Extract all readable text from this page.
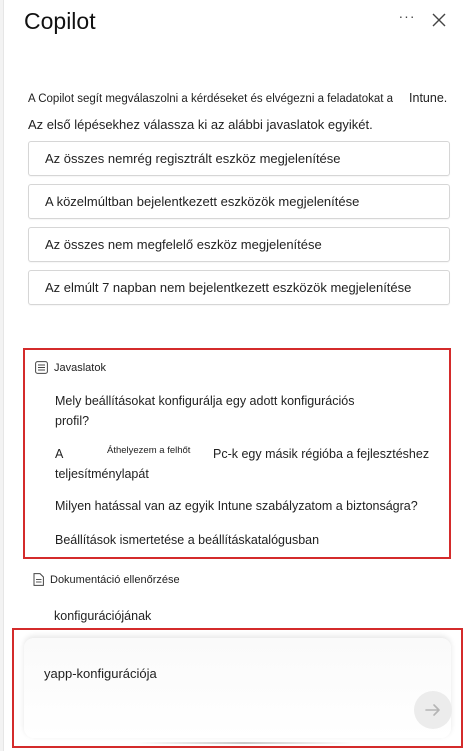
Copilot	···
A Copilot segít megválaszolni a kérdéseket és elvégezni a feladatokat a Intune.
Az első lépésekhez válassza ki az alábbi javaslatok egyikét.
Az összes nemrég regisztrált eszköz megjelenítése
A közelmúltban bejelentkezett eszközök megjelenítése
Az összes nem megfelelő eszköz megjelenítése
Az elmúlt 7 napban nem bejelentkezett eszközök megjelenítése
Javaslatok
Mely beállításokat konfigurálja egy adott konfigurációs
profil?
A	Áthelyezem a felhőt Pc-k egy másik régióba a fejlesztéshez
teljesítménylapát
Milyen hatással van az egyik Intune szabályzatom a biztonságra?
Beállítások ismertetése a beállításkatalógusban
Dokumentáció ellenőrzése
konfigurációjának
yapp-konfigurációja
